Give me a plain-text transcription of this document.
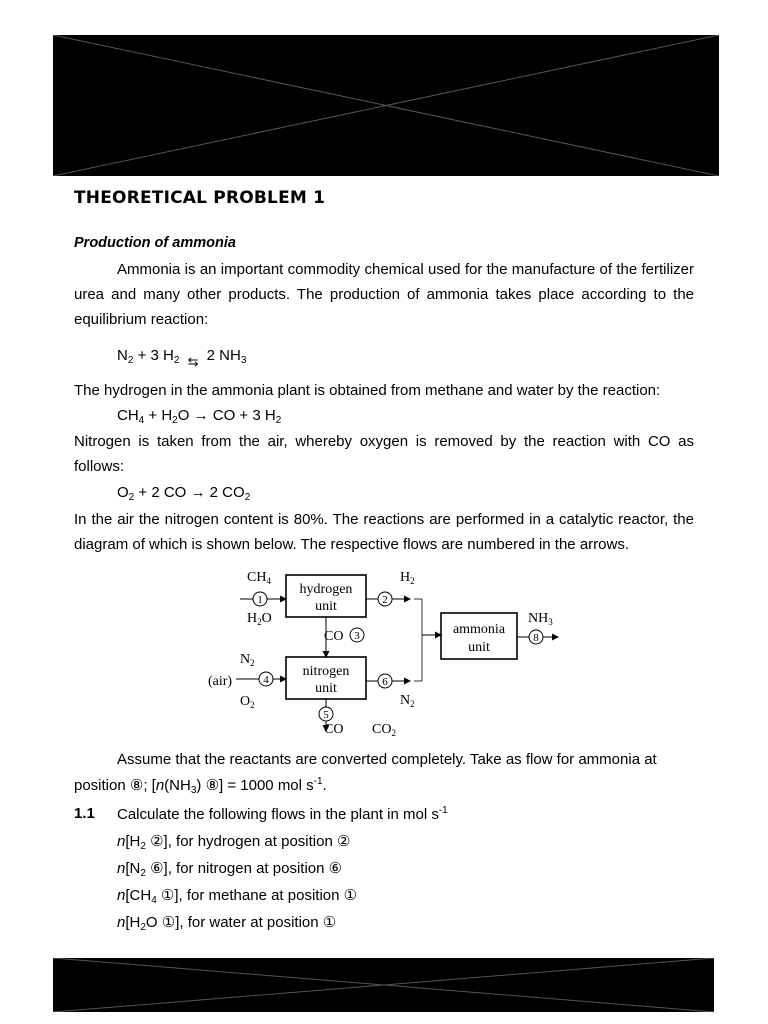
THEORETICAL PROBLEM 1
Production of ammonia
Ammonia is an important commodity chemical used for the manufacture of the fertilizer urea and many other products. The production of ammonia takes place according to the equilibrium reaction:
$N_2 + 3$ $H_2$ ⇆ 2 $NH_3$
The hydrogen in the ammonia plant is obtained from methane and water by the reaction:
$CH_4 + H_2O$ → CO + 3 $H_2$
Nitrogen is taken from the air, whereby oxygen is removed by the reaction with CO as follows:
$O_2 + 2$ CO → 2 $CO_2$
In the air the nitrogen content is 80%. The reactions are performed in a catalytic reactor, the diagram of which is shown below. The respective flows are numbered in the arrows.
1	2
3
4
5
6
8
hydrogen
unit
nitrogen
unit
ammonia
unit
$CH_4$
$H_2O$
$H_2$
CO
$N_2$
(air)
$O_2$	$N_2$
CO $CO_2$
$NH_3$
Assume that the reactants are converted completely. Take as flow for ammonia at
position ⑧; [$n(NH_3)$ ⑧] = 1000 mol $s^{-1}$.
1.1 Calculate the following flows in the plant in mol $s^{-1}$
$n[H_2$ ②], for hydrogen at position ②
$n[N_2$ ⑥], for nitrogen at position ⑥
$n[CH_4$ ①], for methane at position ①
$n[H_2O$ ①], for water at position ①
